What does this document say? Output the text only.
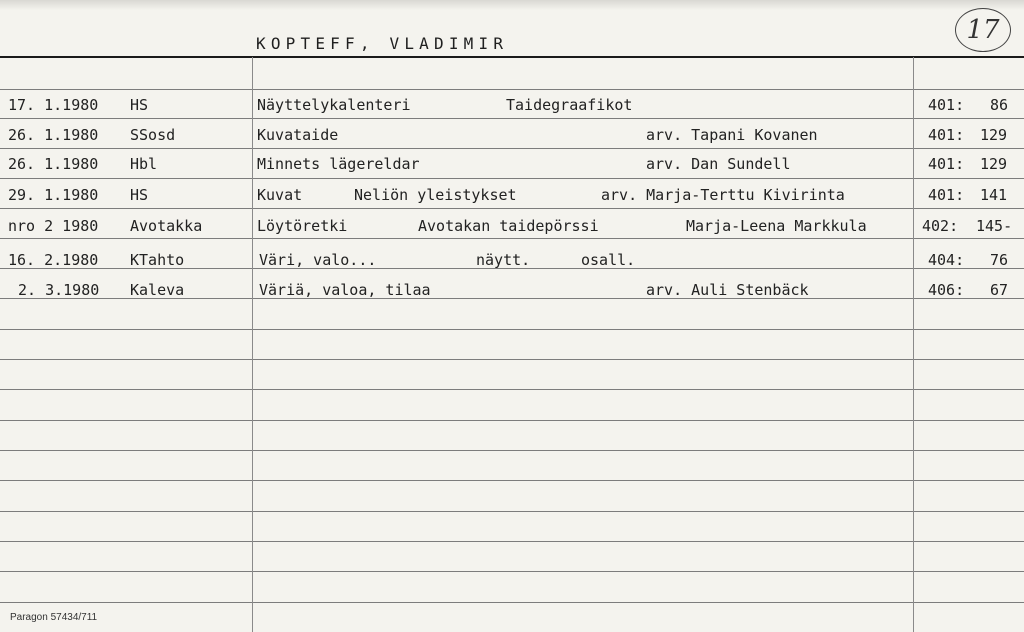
KOPTEFF, VLADIMIR	17
17. 1.1980 HS	Näyttelykalenteri	Taidegraafikot	401: 86
26. 1.1980 SSosd	Kuvataide	arv. Tapani Kovanen	401: 129
26. 1.1980 Hbl	Minnets lägereldar	arv. Dan Sundell	401: 129
29. 1.1980 HS	Kuvat	Neliön yleistykset	arv. Marja-Terttu Kivirinta	401: 141
nro 2 1980 Avotakka	Löytöretki	Avotakan taidepörssi	Marja-Leena Markkula	402: 145-
16. 2.1980 KTahto	Väri, valo...	näytt.	osall.	404: 76
2. 3.1980 Kaleva	Väriä, valoa, tilaa	arv. Auli Stenbäck	406: 67
Paragon 57434/711
